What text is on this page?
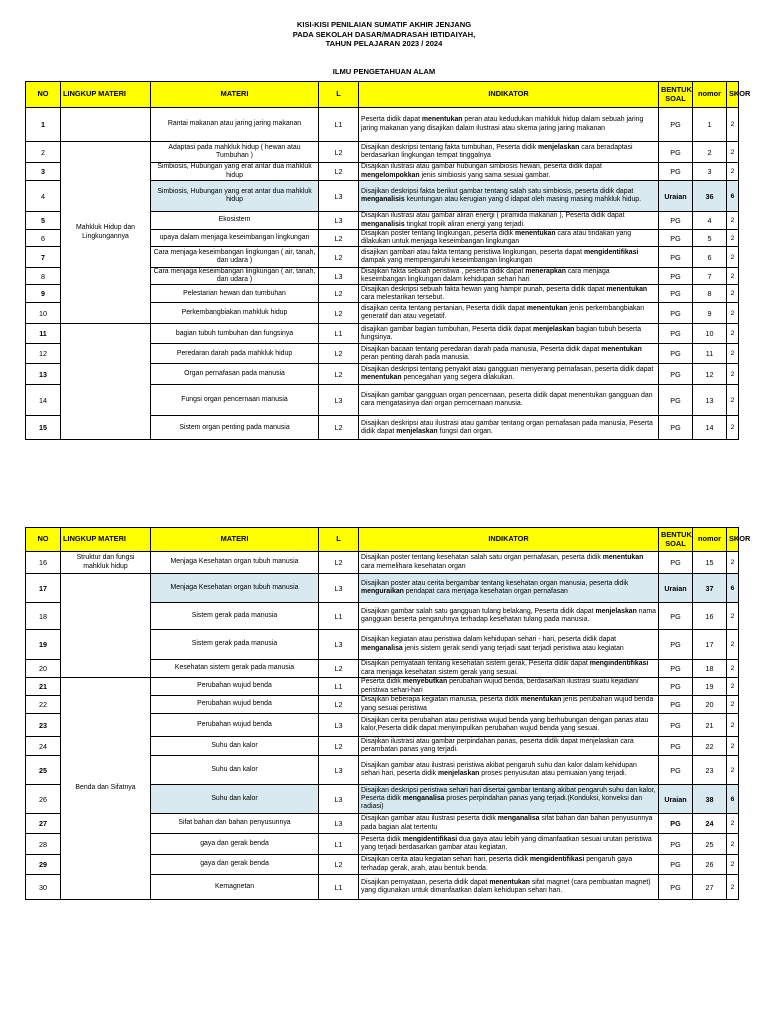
KISI-KISI PENILAIAN SUMATIF AKHIR JENJANG
PADA SEKOLAH DASAR/MADRASAH IBTIDAIYAH,
TAHUN PELAJARAN 2023 / 2024
ILMU PENGETAHUAN ALAM
NO	LINGKUP MATERI	MATERI	L	INDIKATOR	BENTUK SOAL	nomor	SKOR
1		Rantai makanan atau jaring jaring makanan	L1	Peserta didik dapat menentukan peran atau kedudukan mahkluk hidup dalam sebuah jaring jaring makanan yang disajikan dalam ilustrasi atau skema jaring jaring makanan	PG	1	2
2	Mahkluk Hidup dan Lingkungannya	Adaptasi pada mahkluk hidup ( hewan atau Tumbuhan )	L2	Disajikan deskripsi tentang fakta tumbuhan, Peserta didik menjelaskan cara beradaptasi berdasarkan lingkungan tempat tinggalnya	PG	2	2
3		Simbiosis, Hubungan yang erat antar dua mahkluk hidup	L2	Disajikan ilustrasi atau gambar hubungan simbiosis hewan, peserta didik dapat mengelompokkan jenis simbiosis yang sama sesuai gambar.	PG	3	2
4		Simbiosis, Hubungan yang erat antar dua mahkluk hidup	L3	Disajikan deskripsi fakta berikut gambar tentang salah satu simbiosis, peserta didik dapat menganalisis keuntungan atau kerugian yang d idapat oleh masing masing mahkluk hidup.	Uraian	36	6
5		Ekosistem	L3	Disajikan ilustrasi atau gambar aliran energi ( piramida makanan ), Peserta didik dapat menganalisis tingkat tropik aliran energi yang terjadi.	PG	4	2
6		upaya dalam menjaga keseimbangan lingkungan	L2	Disajikan poster tentang lingkungan, peserta didik menentukan cara atau tindakan yang dilakukan untuk menjaga keseimbangan lingkungan	PG	5	2
7		Cara menjaga keseimbangan lingkungan ( air, tanah, dan udara )	L2	disajikan gambari atau fakta tentang peristiwa lingkungan, peserta dapat mengidentifikasi dampak yang mempengaruhi keseimbangan lingkungan	PG	6	2
8		Cara menjaga keseimbangan lingkungan ( air, tanah, dan udara )	L3	Disajikan fakta sebuah peristiwa , peserta didik dapat menerapkan cara menjaga keseimbangan lingkungan dalam kehidupan sehari hari	PG	7	2
9		Pelestarian hewan dan tumbuhan	L2	Disajikan deskripsi sebuah fakta hewan yang hampir punah, peserta didik dapat menentukan cara melestarikan tersebut.	PG	8	2
10		Perkembangbiakan mahkluk hidup	L2	disajikan cerita tentang pertanian, Peserta didik dapat menentukan jenis perkembangbiakan generatif dan atau vegetatif.	PG	9	2
11		bagian tubuh tumbuhan dan fungsinya	L1	disajikan gambar bagian tumbuhan, Peserta didik dapat menjelaskan bagian tubuh beserta fungsinya.	PG	10	2
12		Peredaran darah pada mahkluk hidup	L2	Disajikan bacaan tentang peredaran darah pada manusia, Peserta didik dapat menentukan peran penting darah pada manusia.	PG	11	2
13		Organ pernafasan pada manusia	L2	Disajikan deskripsi tentang penyakit atau gangguan menyerang pernafasan, peserta didik dapat menentukan pencegahan yang segera dilakukan.	PG	12	2
14		Fungsi organ pencernaan manusia	L3	Disajikan gambar gangguan organ pencernaan, peserta didik dapat menentukan gangguan dan cara mengatasinya dari organ perncernaan manusia.	PG	13	2
15		Sistem organ penting pada manusia	L2	Disajikan deskripsi atau ilustrasi atau gambar tentang organ pernafasan pada manusia, Peserta didik dapat menjelaskan fungsi dari organ.	PG	14	2
NO	LINGKUP MATERI	MATERI	L	INDIKATOR	BENTUK SOAL	nomor	SKOR
16	Struktur dan fungsi mahkluk hidup	Menjaga Kesehatan organ tubuh manusia	L2	Disajikan poster tentang kesehatan salah satu organ pernafasan, peserta didik menentukan cara memelihara kesehatan organ	PG	15	2
17		Menjaga Kesehatan organ tubuh manusia	L3	Disajikan poster atau cerita bergambar tentang kesehatan organ manusia, peserta didik menguraikan pendapat cara menjaga kesehatan organ pernafasan	Uraian	37	6
18		Sistem gerak pada manusia	L1	Disajikan gambar salah satu gangguan tulang belakang, Peserta didik dapat menjelaskan nama gangguan beserta pengaruhnya terhadap kesehatan tulang pada manusia.	PG	16	2
19		Sistem gerak pada manusia	L3	Disajikan kegiatan atau peristiwa dalam kehidupan sehari - hari, peserta didik dapat menganalisa jenis sistem gerak sendi yang terjadi saat terjadi peristiwa atau kegiatan	PG	17	2
20		Kesehatan sistem gerak pada manusia	L2	Disajikan pernyataan tentang kesehatan sistem gerak, Peserta didik dapat mengindentifikasi cara menjaga kesehatan sistem gerak yang sesuai.	PG	18	2
21	Benda dan Sifatnya	Perubahan wujud benda	L1	Peserta didik menyebutkan perubahan wujud benda, berdasarkan ilustrasi suatu kejadian/ peristiwa sehari-hari	PG	19	2
22		Perubahan wujud benda	L2	Disajikan beberapa kegiatan manusia, peserta didik menentukan jenis perubahan wujud benda yang sesuai peristiwa	PG	20	2
23		Perubahan wujud benda	L3	Disajikan cerita perubahan atau peristiwa wujud benda yang berhubungan dengan panas atau kalor,Peserta didik dapat menyimpulkan perubahan wujud benda yang sesuai.	PG	21	2
24		Suhu dan kalor	L2	Disajikan ilustrasi atau gambar perpindahan panas, peserta didik dapat menjelaskan cara perambatan panas yang terjadi.	PG	22	2
25		Suhu dan kalor	L3	Disajikan gambar atau ilustrasi peristiwa akibat pengaruh suhu dan kalor dalam kehidupan sehari hari, peserta didik menjelaskan proses penyusutan atau pemuaian yang terjadi.	PG	23	2
26		Suhu dan kalor	L3	Disajikan deskripsi peristiwa sehari hari disertai gambar tentang akibat pengaruh suhu dan kalor, Peserta didik menganalisa proses perpindahan panas yang terjadi.(Konduksi, konveksi dan radiasi)	Uraian	38	6
27		Sifat bahan dan bahan penyusunnya	L3	Disajikan gambar atau ilustrasi peserta didik menganalisa sifat bahan dan bahan penyusunnya pada bagian alat tertentu	PG	24	2
28		gaya dan gerak benda	L1	Peserta didik mengidentifikasi dua gaya atau lebih yang dimanfaatkan sesuai urutan peristiwa yang terjadi berdasarkan gambar atau kegiatan.	PG	25	2
29		gaya dan gerak benda	L2	Disajikan cerita atau kegiatan sehari hari, peserta didik mengidentifikasi pengaruh gaya terhadap gerak, arah, atau bentuk benda.	PG	26	2
30		Kemagnetan	L1	Disajikan pernyataan, peserta didik dapat menentukan sifat magnet (cara pembuatan magnet) yang digunakan untuk dimanfaatkan dalam kehidupan sehari hari.	PG	27	2
